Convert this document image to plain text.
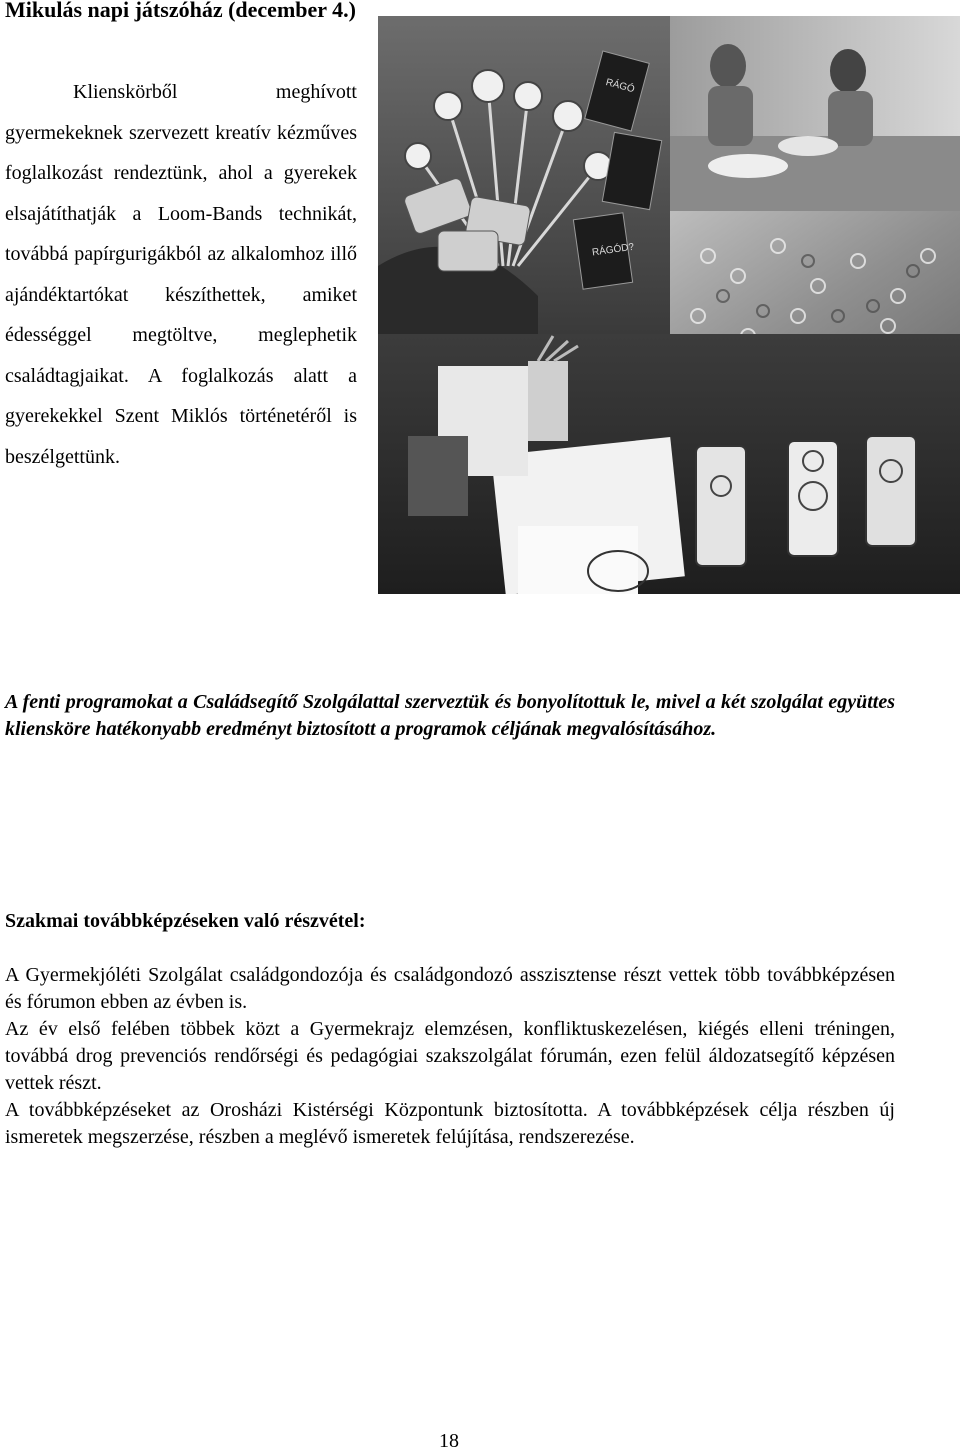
Mikulás napi játszóház (december 4.)

Klienskörből meghívott gyermekeknek szervezett kreatív kézműves foglalkozást rendeztünk, ahol a gyerekek elsajátíthatják a Loom-Bands technikát, továbbá papírgurigákból az alkalomhoz illő ajándéktartókat készíthettek, amiket édességgel megtöltve, meglephetik családtagjaikat. A foglalkozás alatt a gyerekekkel Szent Miklós történetéről is beszélgettünk.

RÁGÓD?
RÁGÓ

A fenti programokat a Családsegítő Szolgálattal szerveztük és bonyolítottuk le, mivel a két szolgálat együttes kliensköre hatékonyabb eredményt biztosított a programok céljának megvalósításához.

Szakmai továbbképzéseken való részvétel:

A Gyermekjóléti Szolgálat családgondozója és családgondozó asszisztense részt vettek több továbbképzésen és fórumon ebben az évben is.

Az év első felében többek közt a Gyermekrajz elemzésen, konfliktuskezelésen, kiégés elleni tréningen, továbbá drog prevenciós rendőrségi és pedagógiai szakszolgálat fórumán, ezen felül áldozatsegítő képzésen vettek részt.

A továbbképzéseket az Orosházi Kistérségi Központunk biztosította. A továbbképzések célja részben új ismeretek megszerzése, részben a meglévő ismeretek felújítása, rendszerezése.

18
